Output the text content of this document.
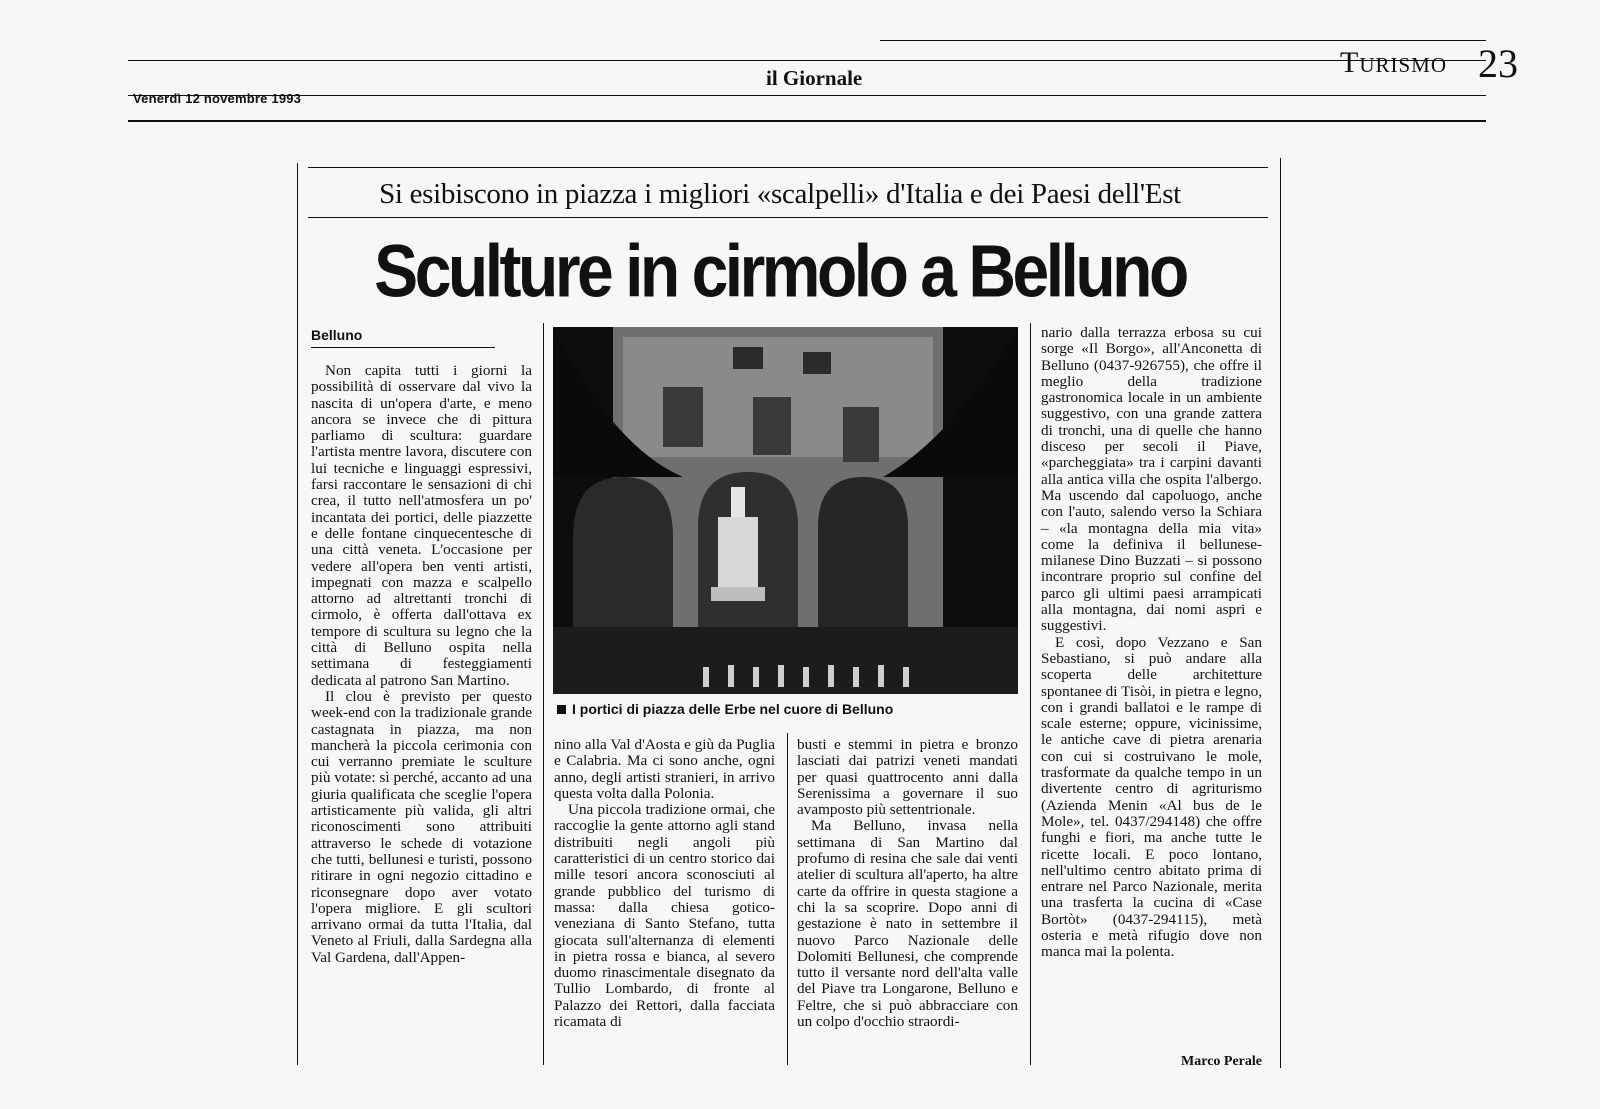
Venerdì 12 novembre 1993
il Giornale	Turismo 23
Si esibiscono in piazza i migliori «scalpelli» d'Italia e dei Paesi dell'Est
Sculture in cirmolo a Belluno
Belluno

Non capita tutti i giorni la possibilità di osservare dal vivo la nascita di un'opera d'arte, e meno ancora se invece che di pittura parliamo di scultura: guardare l'artista mentre lavora, discutere con lui tecniche e linguaggi espressivi, farsi raccontare le sensazioni di chi crea, il tutto nell'atmosfera un po' incantata dei portici, delle piazzette e delle fontane cinquecentesche di una città veneta. L'occasione per vedere all'opera ben venti artisti, impegnati con mazza e scalpello attorno ad altrettanti tronchi di cirmolo, è offerta dall'ottava ex tempore di scultura su legno che la città di Belluno ospita nella settimana di festeggiamenti dedicata al patrono San Martino.

Il clou è previsto per questo week-end con la tradizionale grande castagnata in piazza, ma non mancherà la piccola cerimonia con cui verranno premiate le sculture più votate: sì perché, accanto ad una giuria qualificata che sceglie l'opera artisticamente più valida, gli altri riconoscimenti sono attribuiti attraverso le schede di votazione che tutti, bellunesi e turisti, possono ritirare in ogni negozio cittadino e riconsegnare dopo aver votato l'opera migliore. E gli scultori arrivano ormai da tutta l'Italia, dal Veneto al Friuli, dalla Sardegna alla Val Gardena, dall'Appen-

I portici di piazza delle Erbe nel cuore di Belluno

nino alla Val d'Aosta e giù da Puglia e Calabria. Ma ci sono anche, ogni anno, degli artisti stranieri, in arrivo questa volta dalla Polonia.

Una piccola tradizione ormai, che raccoglie la gente attorno agli stand distribuiti negli angoli più caratteristici di un centro storico dai mille tesori ancora sconosciuti al grande pubblico del turismo di massa: dalla chiesa gotico-veneziana di Santo Stefano, tutta giocata sull'alternanza di elementi in pietra rossa e bianca, al severo duomo rinascimentale disegnato da Tullio Lombardo, di fronte al Palazzo dei Rettori, dalla facciata ricamata di

busti e stemmi in pietra e bronzo lasciati dai patrizi veneti mandati per quasi quattrocento anni dalla Serenissima a governare il suo avamposto più settentrionale.

Ma Belluno, invasa nella settimana di San Martino dal profumo di resina che sale dai venti atelier di scultura all'aperto, ha altre carte da offrire in questa stagione a chi la sa scoprire. Dopo anni di gestazione è nato in settembre il nuovo Parco Nazionale delle Dolomiti Bellunesi, che comprende tutto il versante nord dell'alta valle del Piave tra Longarone, Belluno e Feltre, che si può abbracciare con un colpo d'occhio straordi-

nario dalla terrazza erbosa su cui sorge «Il Borgo», all'Anconetta di Belluno (0437-926755), che offre il meglio della tradizione gastronomica locale in un ambiente suggestivo, con una grande zattera di tronchi, una di quelle che hanno disceso per secoli il Piave, «parcheggiata» tra i carpini davanti alla antica villa che ospita l'albergo. Ma uscendo dal capoluogo, anche con l'auto, salendo verso la Schiara – «la montagna della mia vita» come la definiva il bellunese-milanese Dino Buzzati – si possono incontrare proprio sul confine del parco gli ultimi paesi arrampicati alla montagna, dai nomi aspri e suggestivi.

E così, dopo Vezzano e San Sebastiano, si può andare alla scoperta delle architetture spontanee di Tisòi, in pietra e legno, con i grandi ballatoi e le rampe di scale esterne; oppure, vicinissime, le antiche cave di pietra arenaria con cui si costruivano le mole, trasformate da qualche tempo in un divertente centro di agriturismo (Azienda Menin «Al bus de le Mole», tel. 0437/294148) che offre funghi e fiori, ma anche tutte le ricette locali. E poco lontano, nell'ultimo centro abitato prima di entrare nel Parco Nazionale, merita una trasferta la cucina di «Case Bortòt» (0437-294115), metà osteria e metà rifugio dove non manca mai la polenta.

Marco Perale
